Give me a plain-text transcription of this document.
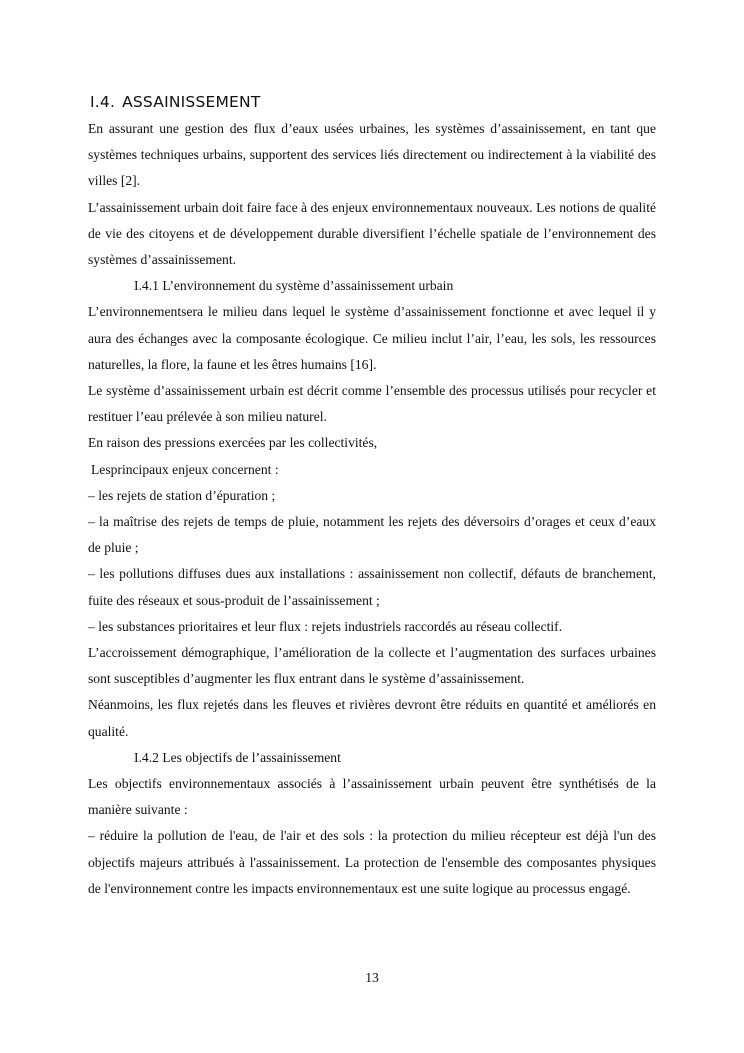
I.4. ASSAINISSEMENT

En assurant une gestion des flux d’eaux usées urbaines, les systèmes d’assainissement, en tant que systèmes techniques urbains, supportent des services liés directement ou indirectement à la viabilité des villes [2].

L’assainissement urbain doit faire face à des enjeux environnementaux nouveaux. Les notions de qualité de vie des citoyens et de développement durable diversifient l’échelle spatiale de l’environnement des systèmes d’assainissement.

I.4.1 L’environnement du système d’assainissement urbain

L’environnementsera le milieu dans lequel le système d’assainissement fonctionne et avec lequel il y aura des échanges avec la composante écologique. Ce milieu inclut l’air, l’eau, les sols, les ressources naturelles, la flore, la faune et les êtres humains [16].

Le système d’assainissement urbain est décrit comme l’ensemble des processus utilisés pour recycler et restituer l’eau prélevée à son milieu naturel.

En raison des pressions exercées par les collectivités,

Lesprincipaux enjeux concernent :

– les rejets de station d’épuration ;

– la maîtrise des rejets de temps de pluie, notamment les rejets des déversoirs d’orages et ceux d’eaux de pluie ;

– les pollutions diffuses dues aux installations : assainissement non collectif, défauts de branchement, fuite des réseaux et sous-produit de l’assainissement ;

– les substances prioritaires et leur flux : rejets industriels raccordés au réseau collectif.

L’accroissement démographique, l’amélioration de la collecte et l’augmentation des surfaces urbaines sont susceptibles d’augmenter les flux entrant dans le système d’assainissement.

Néanmoins, les flux rejetés dans les fleuves et rivières devront être réduits en quantité et améliorés en qualité.

I.4.2 Les objectifs de l’assainissement

Les objectifs environnementaux associés à l’assainissement urbain peuvent être synthétisés de la manière suivante :

– réduire la pollution de l'eau, de l'air et des sols : la protection du milieu récepteur est déjà l'un des objectifs majeurs attribués à l'assainissement. La protection de l'ensemble des composantes physiques de l'environnement contre les impacts environnementaux est une suite logique au processus engagé.

13
